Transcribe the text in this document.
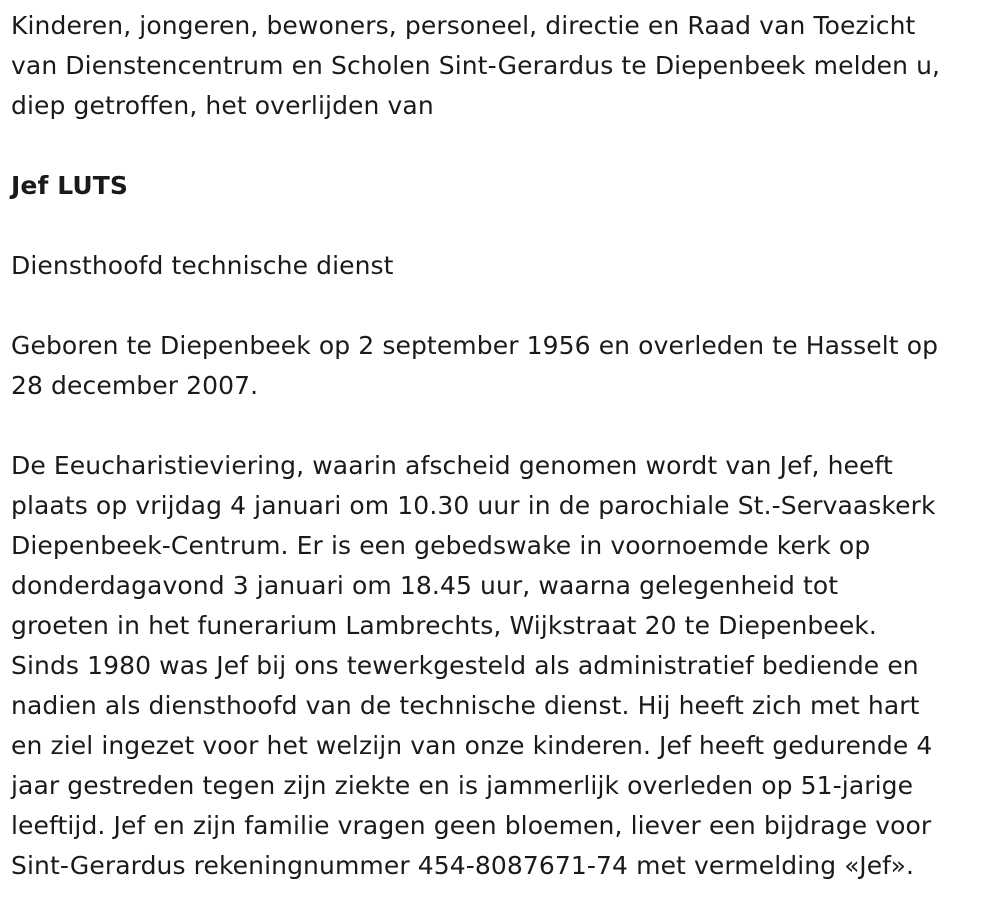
Kinderen, jongeren, bewoners, personeel, directie en Raad van Toezicht
van Dienstencentrum en Scholen Sint-Gerardus te Diepenbeek melden u,
diep getroffen, het overlijden van

Jef LUTS

Diensthoofd technische dienst

Geboren te Diepenbeek op 2 september 1956 en overleden te Hasselt op
28 december 2007.

De Eeucharistieviering, waarin afscheid genomen wordt van Jef, heeft
plaats op vrijdag 4 januari om 10.30 uur in de parochiale St.-Servaaskerk
Diepenbeek-Centrum. Er is een gebedswake in voornoemde kerk op
donderdagavond 3 januari om 18.45 uur, waarna gelegenheid tot
groeten in het funerarium Lambrechts, Wijkstraat 20 te Diepenbeek.
Sinds 1980 was Jef bij ons tewerkgesteld als administratief bediende en
nadien als diensthoofd van de technische dienst. Hij heeft zich met hart
en ziel ingezet voor het welzijn van onze kinderen. Jef heeft gedurende 4
jaar gestreden tegen zijn ziekte en is jammerlijk overleden op 51-jarige
leeftijd. Jef en zijn familie vragen geen bloemen, liever een bijdrage voor
Sint-Gerardus rekeningnummer 454-8087671-74 met vermelding «Jef».
